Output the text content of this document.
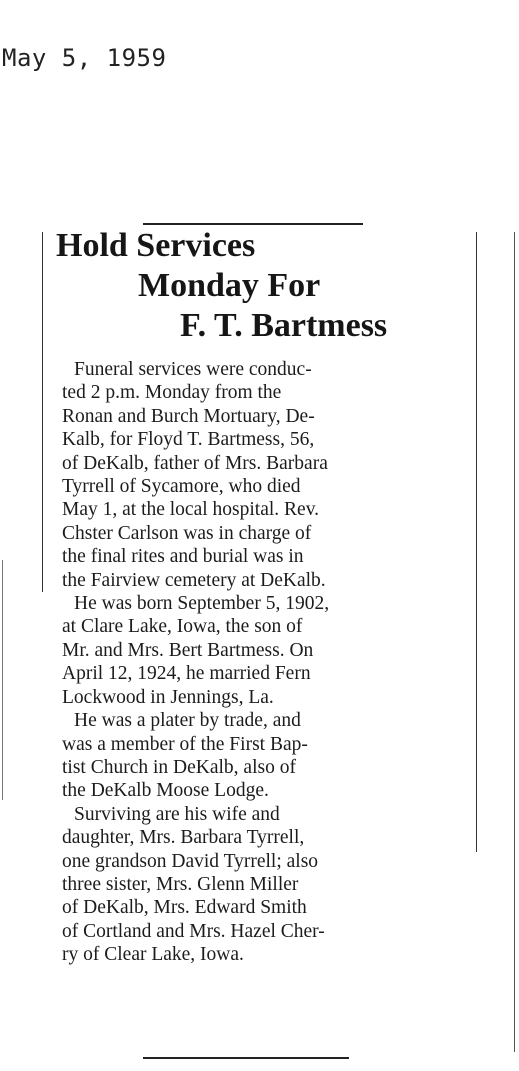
May 5, 1959
Hold Services
Monday For
F. T. Bartmess
Funeral services were conduc-
ted 2 p.m. Monday from the
Ronan and Burch Mortuary, De-
Kalb, for Floyd T. Bartmess, 56,
of DeKalb, father of Mrs. Barbara
Tyrrell of Sycamore, who died
May 1, at the local hospital. Rev.
Chster Carlson was in charge of
the final rites and burial was in
the Fairview cemetery at DeKalb.
He was born September 5, 1902,
at Clare Lake, Iowa, the son of
Mr. and Mrs. Bert Bartmess. On
April 12, 1924, he married Fern
Lockwood in Jennings, La.
He was a plater by trade, and
was a member of the First Bap-
tist Church in DeKalb, also of
the DeKalb Moose Lodge.
Surviving are his wife and
daughter, Mrs. Barbara Tyrrell,
one grandson David Tyrrell; also
three sister, Mrs. Glenn Miller
of DeKalb, Mrs. Edward Smith
of Cortland and Mrs. Hazel Cher-
ry of Clear Lake, Iowa.
